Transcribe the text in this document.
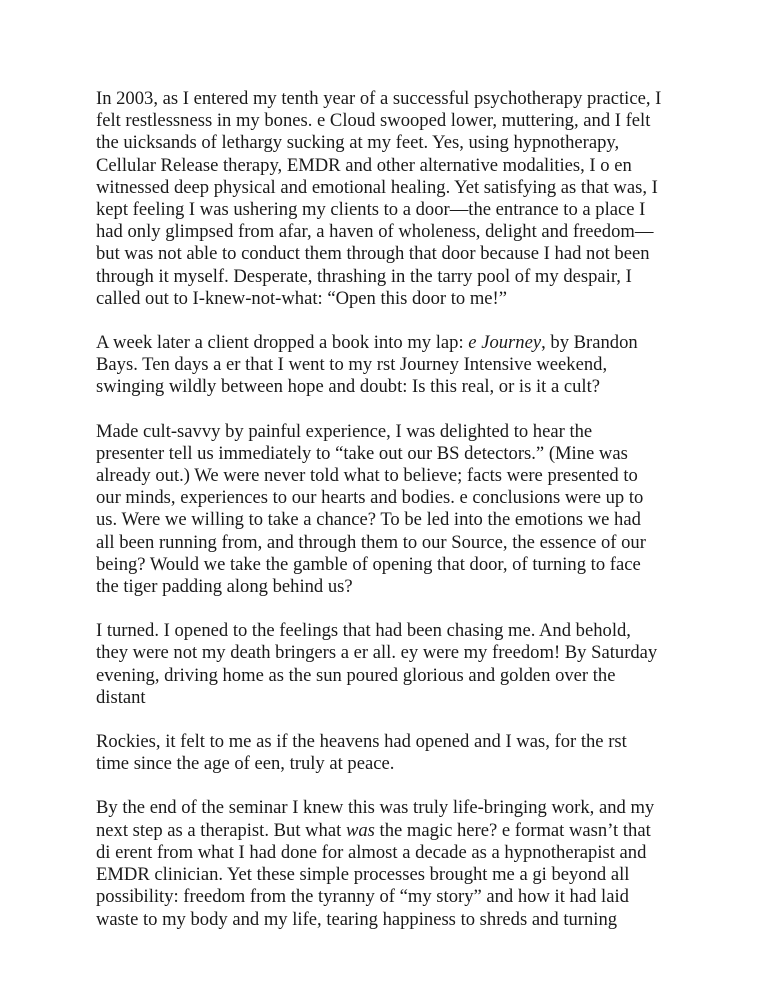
In 2003, as I entered my tenth year of a successful psychotherapy practice, I
felt restlessness in my bones. e Cloud swooped lower, muttering, and I felt
the uicksands of lethargy sucking at my feet. Yes, using hypnotherapy,
Cellular Release therapy, EMDR and other alternative modalities, I o en
witnessed deep physical and emotional healing. Yet satisfying as that was, I
kept feeling I was ushering my clients to a door—the entrance to a place I
had only glimpsed from afar, a haven of wholeness, delight and freedom—
but was not able to conduct them through that door because I had not been
through it myself. Desperate, thrashing in the tarry pool of my despair, I
called out to I-knew-not-what: “Open this door to me!”

A week later a client dropped a book into my lap: e Journey, by Brandon
Bays. Ten days a er that I went to my rst Journey Intensive weekend,
swinging wildly between hope and doubt: Is this real, or is it a cult?

Made cult-savvy by painful experience, I was delighted to hear the
presenter tell us immediately to “take out our BS detectors.” (Mine was
already out.) We were never told what to believe; facts were presented to
our minds, experiences to our hearts and bodies. e conclusions were up to
us. Were we willing to take a chance? To be led into the emotions we had
all been running from, and through them to our Source, the essence of our
being? Would we take the gamble of opening that door, of turning to face
the tiger padding along behind us?

I turned. I opened to the feelings that had been chasing me. And behold,
they were not my death bringers a er all. ey were my freedom! By Saturday
evening, driving home as the sun poured glorious and golden over the
distant

Rockies, it felt to me as if the heavens had opened and I was, for the rst
time since the age of een, truly at peace.

By the end of the seminar I knew this was truly life-bringing work, and my
next step as a therapist. But what was the magic here? e format wasn’t that
di erent from what I had done for almost a decade as a hypnotherapist and
EMDR clinician. Yet these simple processes brought me a gi beyond all
possibility: freedom from the tyranny of “my story” and how it had laid
waste to my body and my life, tearing happiness to shreds and turning
